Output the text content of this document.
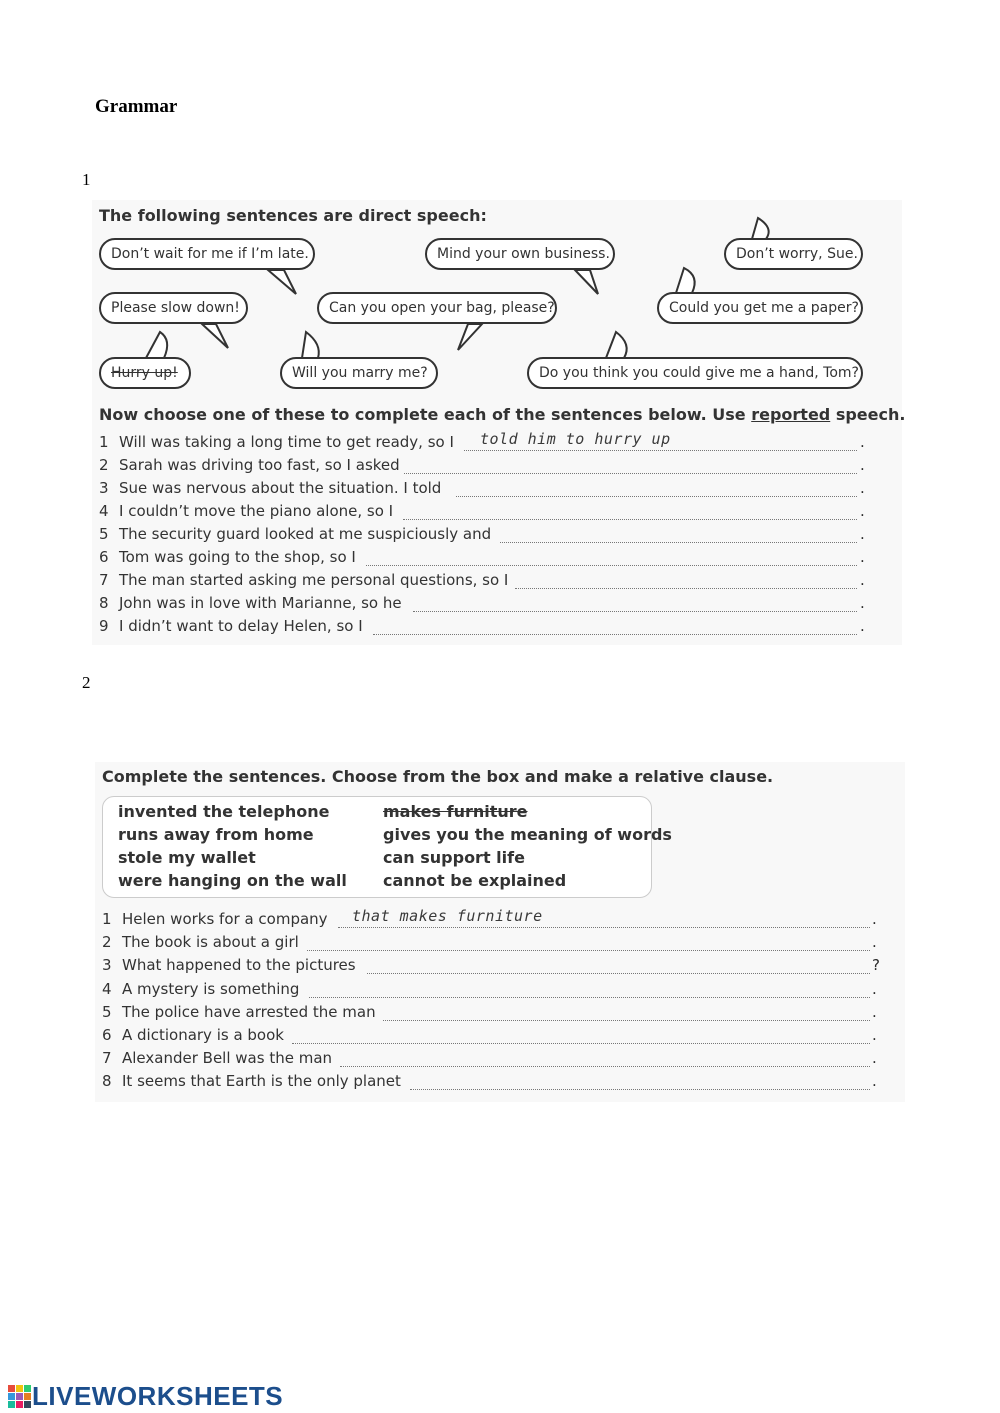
Grammar
1
The following sentences are direct speech:
Don’t wait for me if I’m late.	Mind your own business.	Don’t worry, Sue.
Please slow down!	Can you open your bag, please?	Could you get me a paper?
Hurry up!	Will you marry me?	Do you think you could give me a hand, Tom?
Now choose one of these to complete each of the sentences below. Use reported speech.
1 Will was taking a long time to get ready, so I told him to hurry up	.
2 Sarah was driving too fast, so I asked	.
3 Sue was nervous about the situation. I told	.
4 I couldn’t move the piano alone, so I	.
5 The security guard looked at me suspiciously and	.
6 Tom was going to the shop, so I	.
7 The man started asking me personal questions, so I	.
8 John was in love with Marianne, so he	.
9 I didn’t want to delay Helen, so I	.
2
Complete the sentences. Choose from the box and make a relative clause.
invented the telephone
runs away from home
stole my wallet
were hanging on the wall
makes furniture
gives you the meaning of words
can support life
cannot be explained
1 Helen works for a company that makes furniture	.
2 The book is about a girl	.
3 What happened to the pictures	?
4 A mystery is something	.
5 The police have arrested the man	.
6 A dictionary is a book	.
7 Alexander Bell was the man	.
8 It seems that Earth is the only planet	.
LIVEWORKSHEETS
